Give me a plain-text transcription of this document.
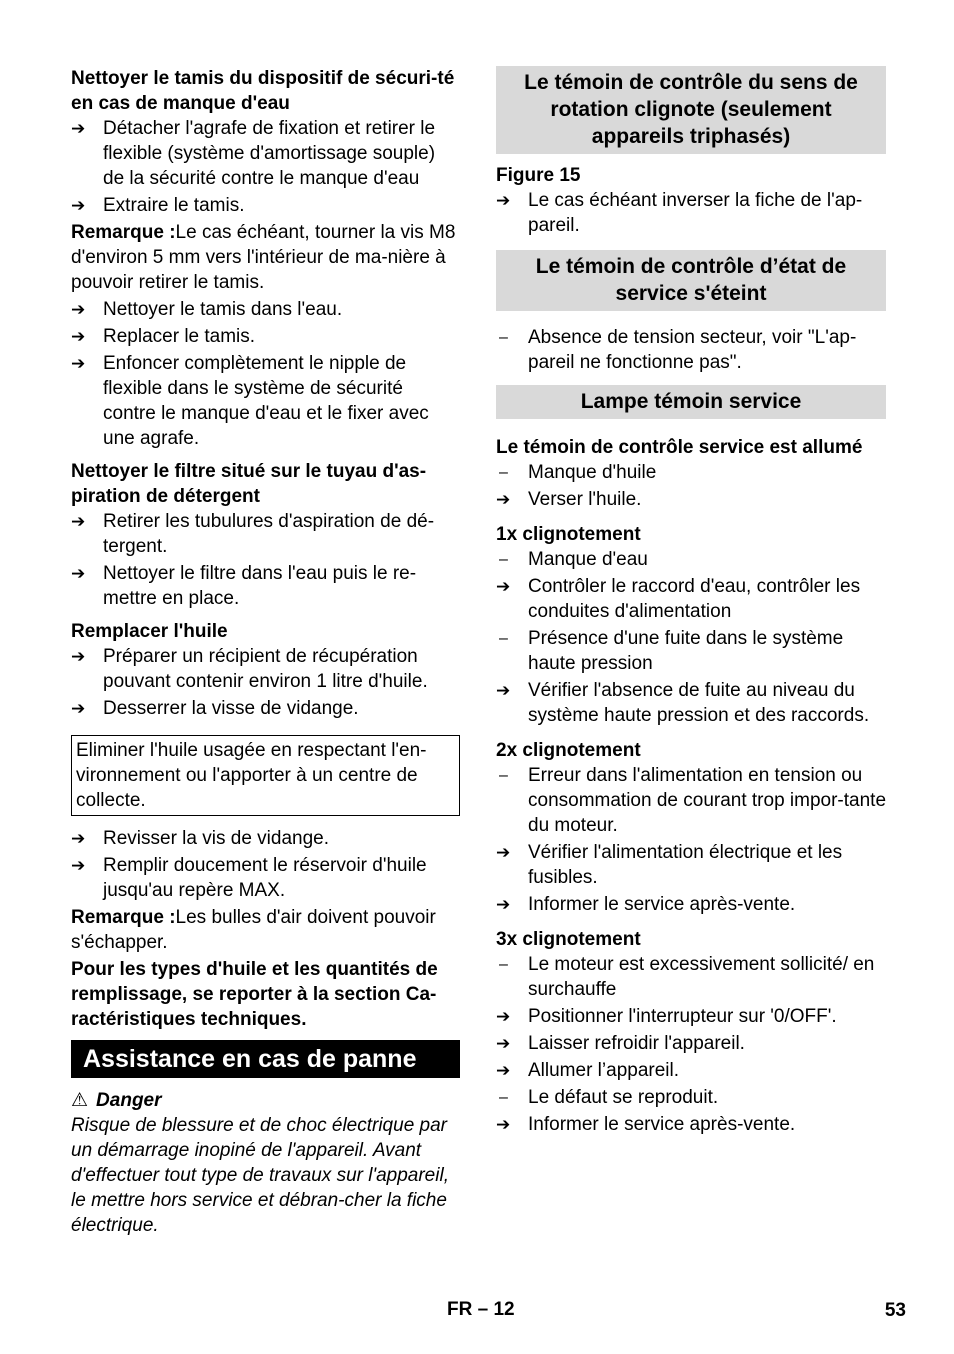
Nettoyer le tamis du dispositif de sécuri-té en cas de manque d'eau

➔ Détacher l'agrafe de fixation et retirer le flexible (système d'amortissage souple) de la sécurité contre le manque d'eau
➔ Extraire le tamis.

Remarque :Le cas échéant, tourner la vis M8 d'environ 5 mm vers l'intérieur de ma-nière à pouvoir retirer le tamis.

➔ Nettoyer le tamis dans l'eau.
➔ Replacer le tamis.
➔ Enfoncer complètement le nipple de flexible dans le système de sécurité contre le manque d'eau et le fixer avec une agrafe.

Nettoyer le filtre situé sur le tuyau d'as-piration de détergent

➔ Retirer les tubulures d'aspiration de dé-tergent.
➔ Nettoyer le filtre dans l'eau puis le re-mettre en place.

Remplacer l'huile

➔ Préparer un récipient de récupération pouvant contenir environ 1 litre d'huile.
➔ Desserrer la visse de vidange.
Eliminer l'huile usagée en respectant l'en-vironnement ou l'apporter à un centre de collecte.
➔ Revisser la vis de vidange.
➔ Remplir doucement le réservoir d'huile jusqu'au repère MAX.

Remarque :Les bulles d'air doivent pouvoir s'échapper.

Pour les types d'huile et les quantités de remplissage, se reporter à la section Ca-ractéristiques techniques.

Assistance en cas de panne
⚠ Danger

Risque de blessure et de choc électrique par un démarrage inopiné de l'appareil. Avant d'effectuer tout type de travaux sur l'appareil, le mettre hors service et débran-cher la fiche électrique.

Le témoin de contrôle du sens de rotation clignote (seulement appareils triphasés)

Figure 15

➔ Le cas échéant inverser la fiche de l'ap-pareil.
Le témoin de contrôle d’état de service s'éteint
–	Absence de tension secteur, voir "L'ap-pareil ne fonctionne pas".
Lampe témoin service

Le témoin de contrôle service est allumé

–	Manque d'huile
➔ Verser l'huile.

1x clignotement

–	Manque d'eau
➔ Contrôler le raccord d'eau, contrôler les conduites d'alimentation
–	Présence d'une fuite dans le système haute pression
➔ Vérifier l'absence de fuite au niveau du système haute pression et des raccords.

2x clignotement

–	Erreur dans l'alimentation en tension ou consommation de courant trop impor-tante du moteur.
➔ Vérifier l'alimentation électrique et les fusibles.
➔ Informer le service après-vente.

3x clignotement

–	Le moteur est excessivement sollicité/ en surchauffe
➔ Positionner l'interrupteur sur '0/OFF'.
➔ Laisser refroidir l'appareil.
➔ Allumer l’appareil.
–	Le défaut se reproduit.
➔ Informer le service après-vente.
FR – 12	53
